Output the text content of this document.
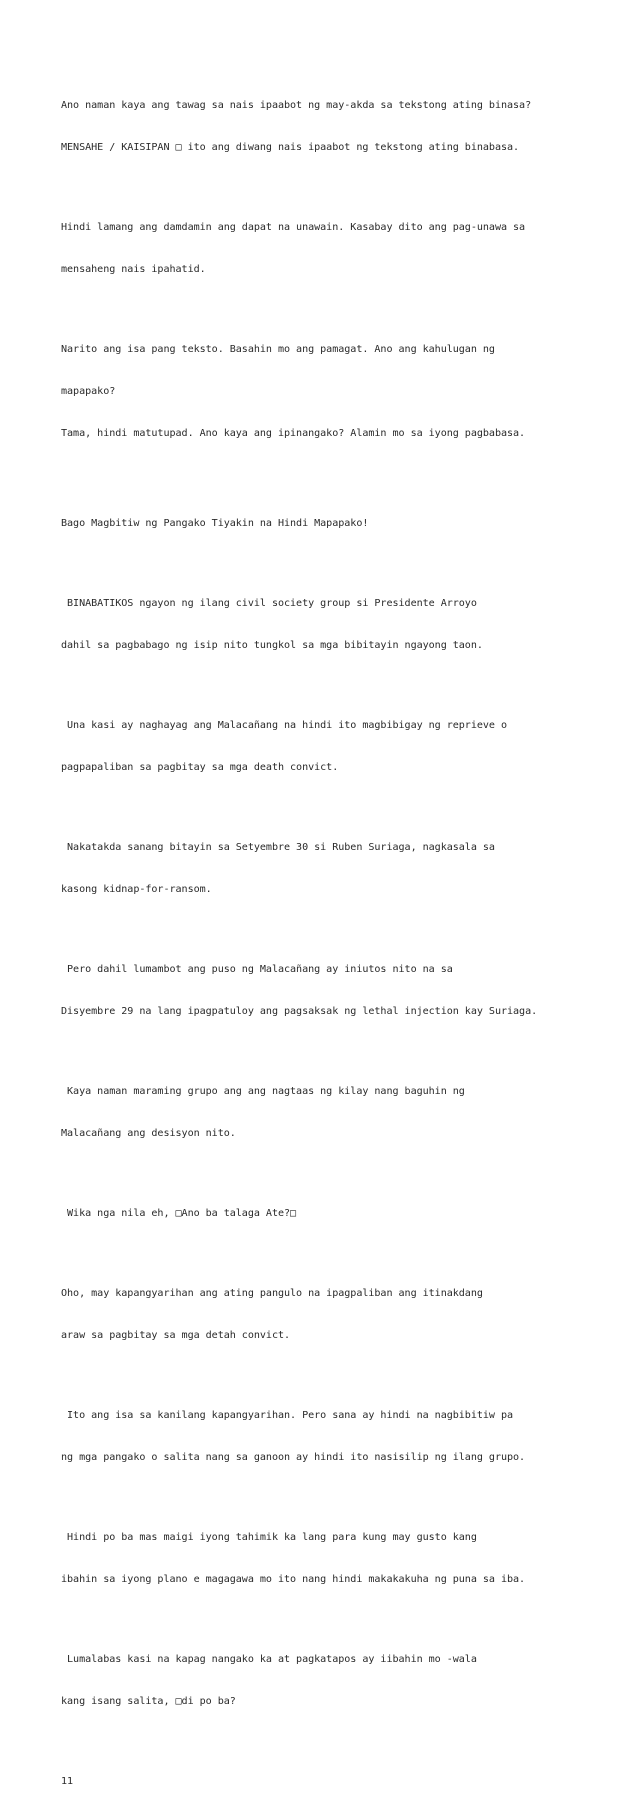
Ano naman kaya ang tawag sa nais ipaabot ng may-akda sa tekstong ating binasa?

MENSAHE / KAISIPAN □ ito ang diwang nais ipaabot ng tekstong ating binabasa.

Hindi lamang ang damdamin ang dapat na unawain. Kasabay dito ang pag-unawa sa

mensaheng nais ipahatid.

Narito ang isa pang teksto. Basahin mo ang pamagat. Ano ang kahulugan ng

mapapako?

Tama, hindi matutupad. Ano kaya ang ipinangako? Alamin mo sa iyong pagbabasa.

Bago Magbitiw ng Pangako Tiyakin na Hindi Mapapako!

BINABATIKOS ngayon ng ilang civil society group si Presidente Arroyo

dahil sa pagbabago ng isip nito tungkol sa mga bibitayin ngayong taon.

Una kasi ay naghayag ang Malacañang na hindi ito magbibigay ng reprieve o

pagpapaliban sa pagbitay sa mga death convict.

Nakatakda sanang bitayin sa Setyembre 30 si Ruben Suriaga, nagkasala sa

kasong kidnap-for-ransom.

Pero dahil lumambot ang puso ng Malacañang ay iniutos nito na sa

Disyembre 29 na lang ipagpatuloy ang pagsaksak ng lethal injection kay Suriaga.

Kaya naman maraming grupo ang ang nagtaas ng kilay nang baguhin ng

Malacañang ang desisyon nito.

Wika nga nila eh, □Ano ba talaga Ate?□

Oho, may kapangyarihan ang ating pangulo na ipagpaliban ang itinakdang

araw sa pagbitay sa mga detah convict.

Ito ang isa sa kanilang kapangyarihan. Pero sana ay hindi na nagbibitiw pa

ng mga pangako o salita nang sa ganoon ay hindi ito nasisilip ng ilang grupo.

Hindi po ba mas maigi iyong tahimik ka lang para kung may gusto kang

ibahin sa iyong plano e magagawa mo ito nang hindi makakakuha ng puna sa iba.

Lumalabas kasi na kapag nangako ka at pagkatapos ay iibahin mo -wala

kang isang salita, □di po ba?

11
